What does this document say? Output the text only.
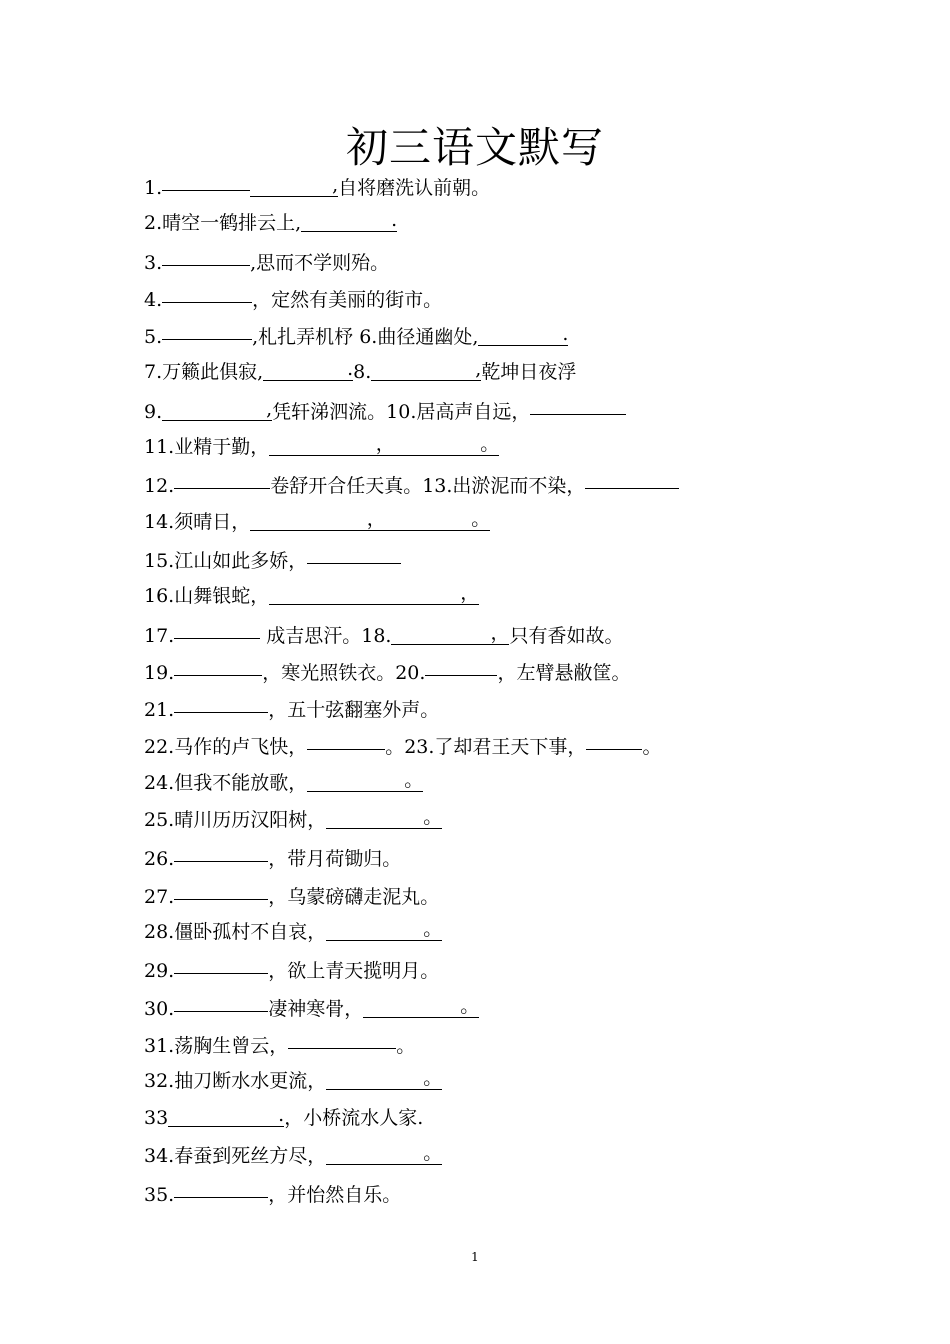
初三语文默写
1.	,自将磨洗认前朝。
2.晴空一鹤排云上,	.
3.	,思而不学则殆。
4.	，定然有美丽的街市。
5.	,札扎弄机杼 6.曲径通幽处,	.
7.万籁此俱寂,	.8.	,乾坤日夜浮
9.	,凭轩涕泗流。10.居高声自远，
11.业精于勤，	，　　　　　。
12.	卷舒开合任天真。13.出淤泥而不染，
14.须晴日，	，　　　　　。
15.江山如此多娇，
16.山舞银蛇，	，
17.	成吉思汗。18.	，只有香如故。
19.	，寒光照铁衣。20.	，左臂悬敝筐。
21.	，五十弦翻塞外声。
22.马作的卢飞快，	。23.了却君王天下事，	。
24.但我不能放歌，	。
25.晴川历历汉阳树，	。
26.	，带月荷锄归。
27.	，乌蒙磅礴走泥丸。
28.僵卧孤村不自哀，	。
29.	，欲上青天揽明月。
30.	凄神寒骨，	。
31.荡胸生曾云，	。
32.抽刀断水水更流，	。
33	.，小桥流水人家.
34.春蚕到死丝方尽，	。
35.	，并怡然自乐。
1
